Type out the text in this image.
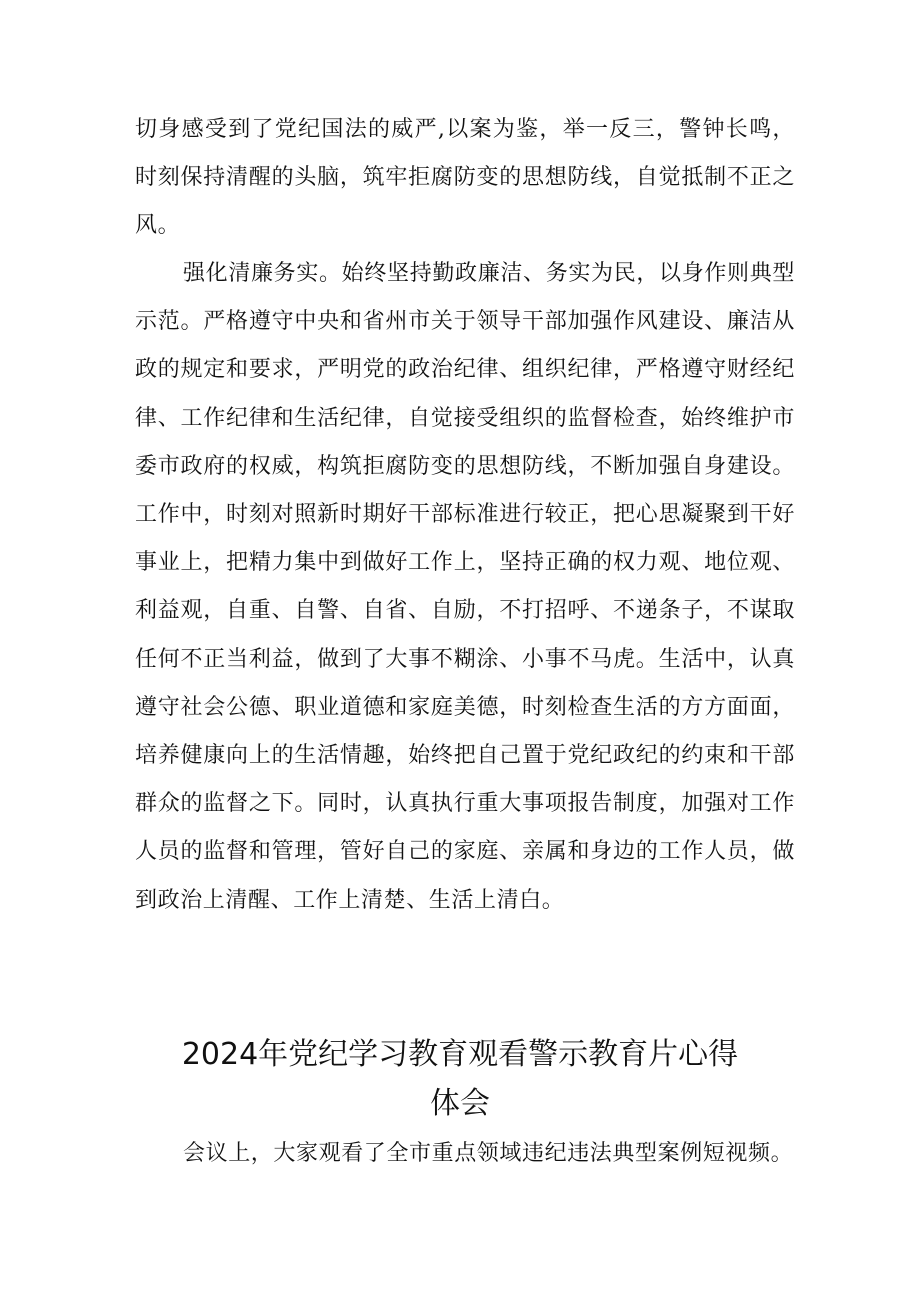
切身感受到了党纪国法的威严,以案为鉴，举一反三，警钟长鸣，时刻保持清醒的头脑，筑牢拒腐防变的思想防线，自觉抵制不正之风。

强化清廉务实。始终坚持勤政廉洁、务实为民，以身作则典型示范。严格遵守中央和省州市关于领导干部加强作风建设、廉洁从政的规定和要求，严明党的政治纪律、组织纪律，严格遵守财经纪律、工作纪律和生活纪律，自觉接受组织的监督检查，始终维护市委市政府的权威，构筑拒腐防变的思想防线，不断加强自身建设。工作中，时刻对照新时期好干部标准进行较正，把心思凝聚到干好事业上，把精力集中到做好工作上，坚持正确的权力观、地位观、利益观，自重、自警、自省、自励，不打招呼、不递条子，不谋取任何不正当利益，做到了大事不糊涂、小事不马虎。生活中，认真遵守社会公德、职业道德和家庭美德，时刻检查生活的方方面面，培养健康向上的生活情趣，始终把自己置于党纪政纪的约束和干部群众的监督之下。同时，认真执行重大事项报告制度，加强对工作人员的监督和管理，管好自己的家庭、亲属和身边的工作人员，做到政治上清醒、工作上清楚、生活上清白。

2024年党纪学习教育观看警示教育片心得
体会

会议上，大家观看了全市重点领域违纪违法典型案例短视频。
